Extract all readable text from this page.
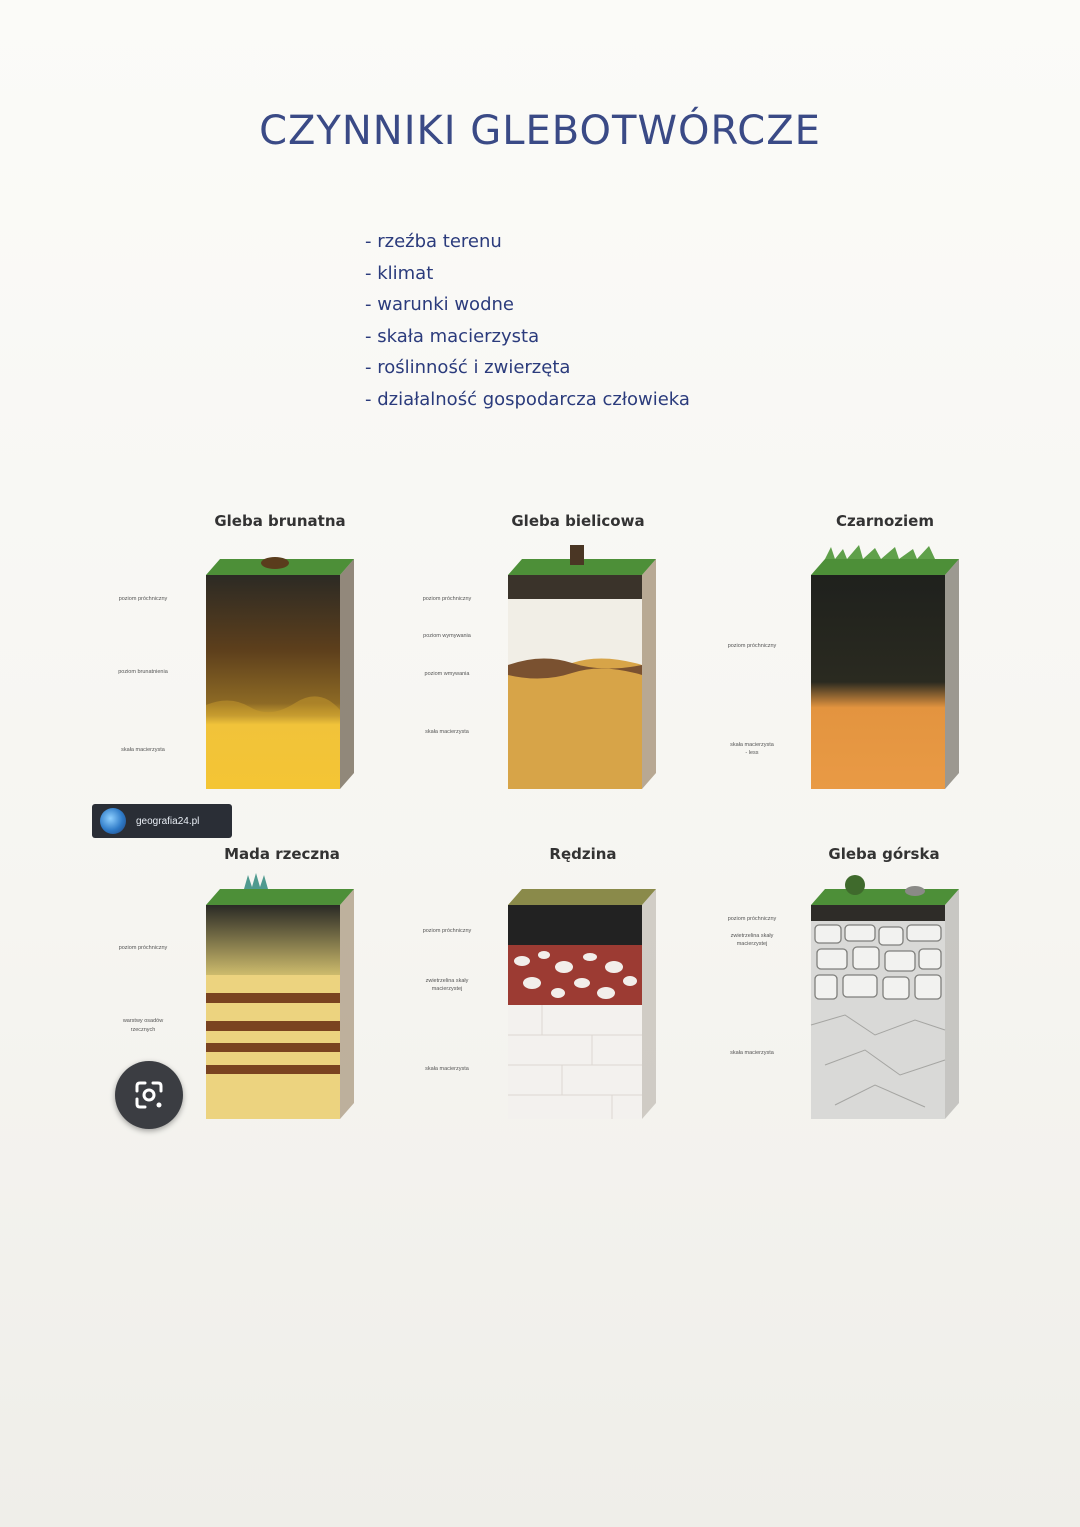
CZYNNIKI GLEBOTWÓRCZE
- rzeźba terenu
- klimat
- warunki wodne
- skała macierzysta
- roślinność i zwierzęta
- działalność gospodarcza człowieka
Gleba brunatna
poziom próchniczny
poziom brunatnienia
skała macierzysta
Gleba bielicowa
poziom próchniczny
poziom wymywania
poziom wmywania
skała macierzysta
Czarnoziem
poziom próchniczny
skała macierzysta
- less
geografia24.pl
Mada rzeczna
poziom próchniczny
warstwy osadów
rzecznych
Rędzina
poziom próchniczny
zwietrzelina skały
macierzystej
skała macierzysta
Gleba górska
poziom próchniczny
zwietrzelina skały
macierzystej
skała macierzysta
